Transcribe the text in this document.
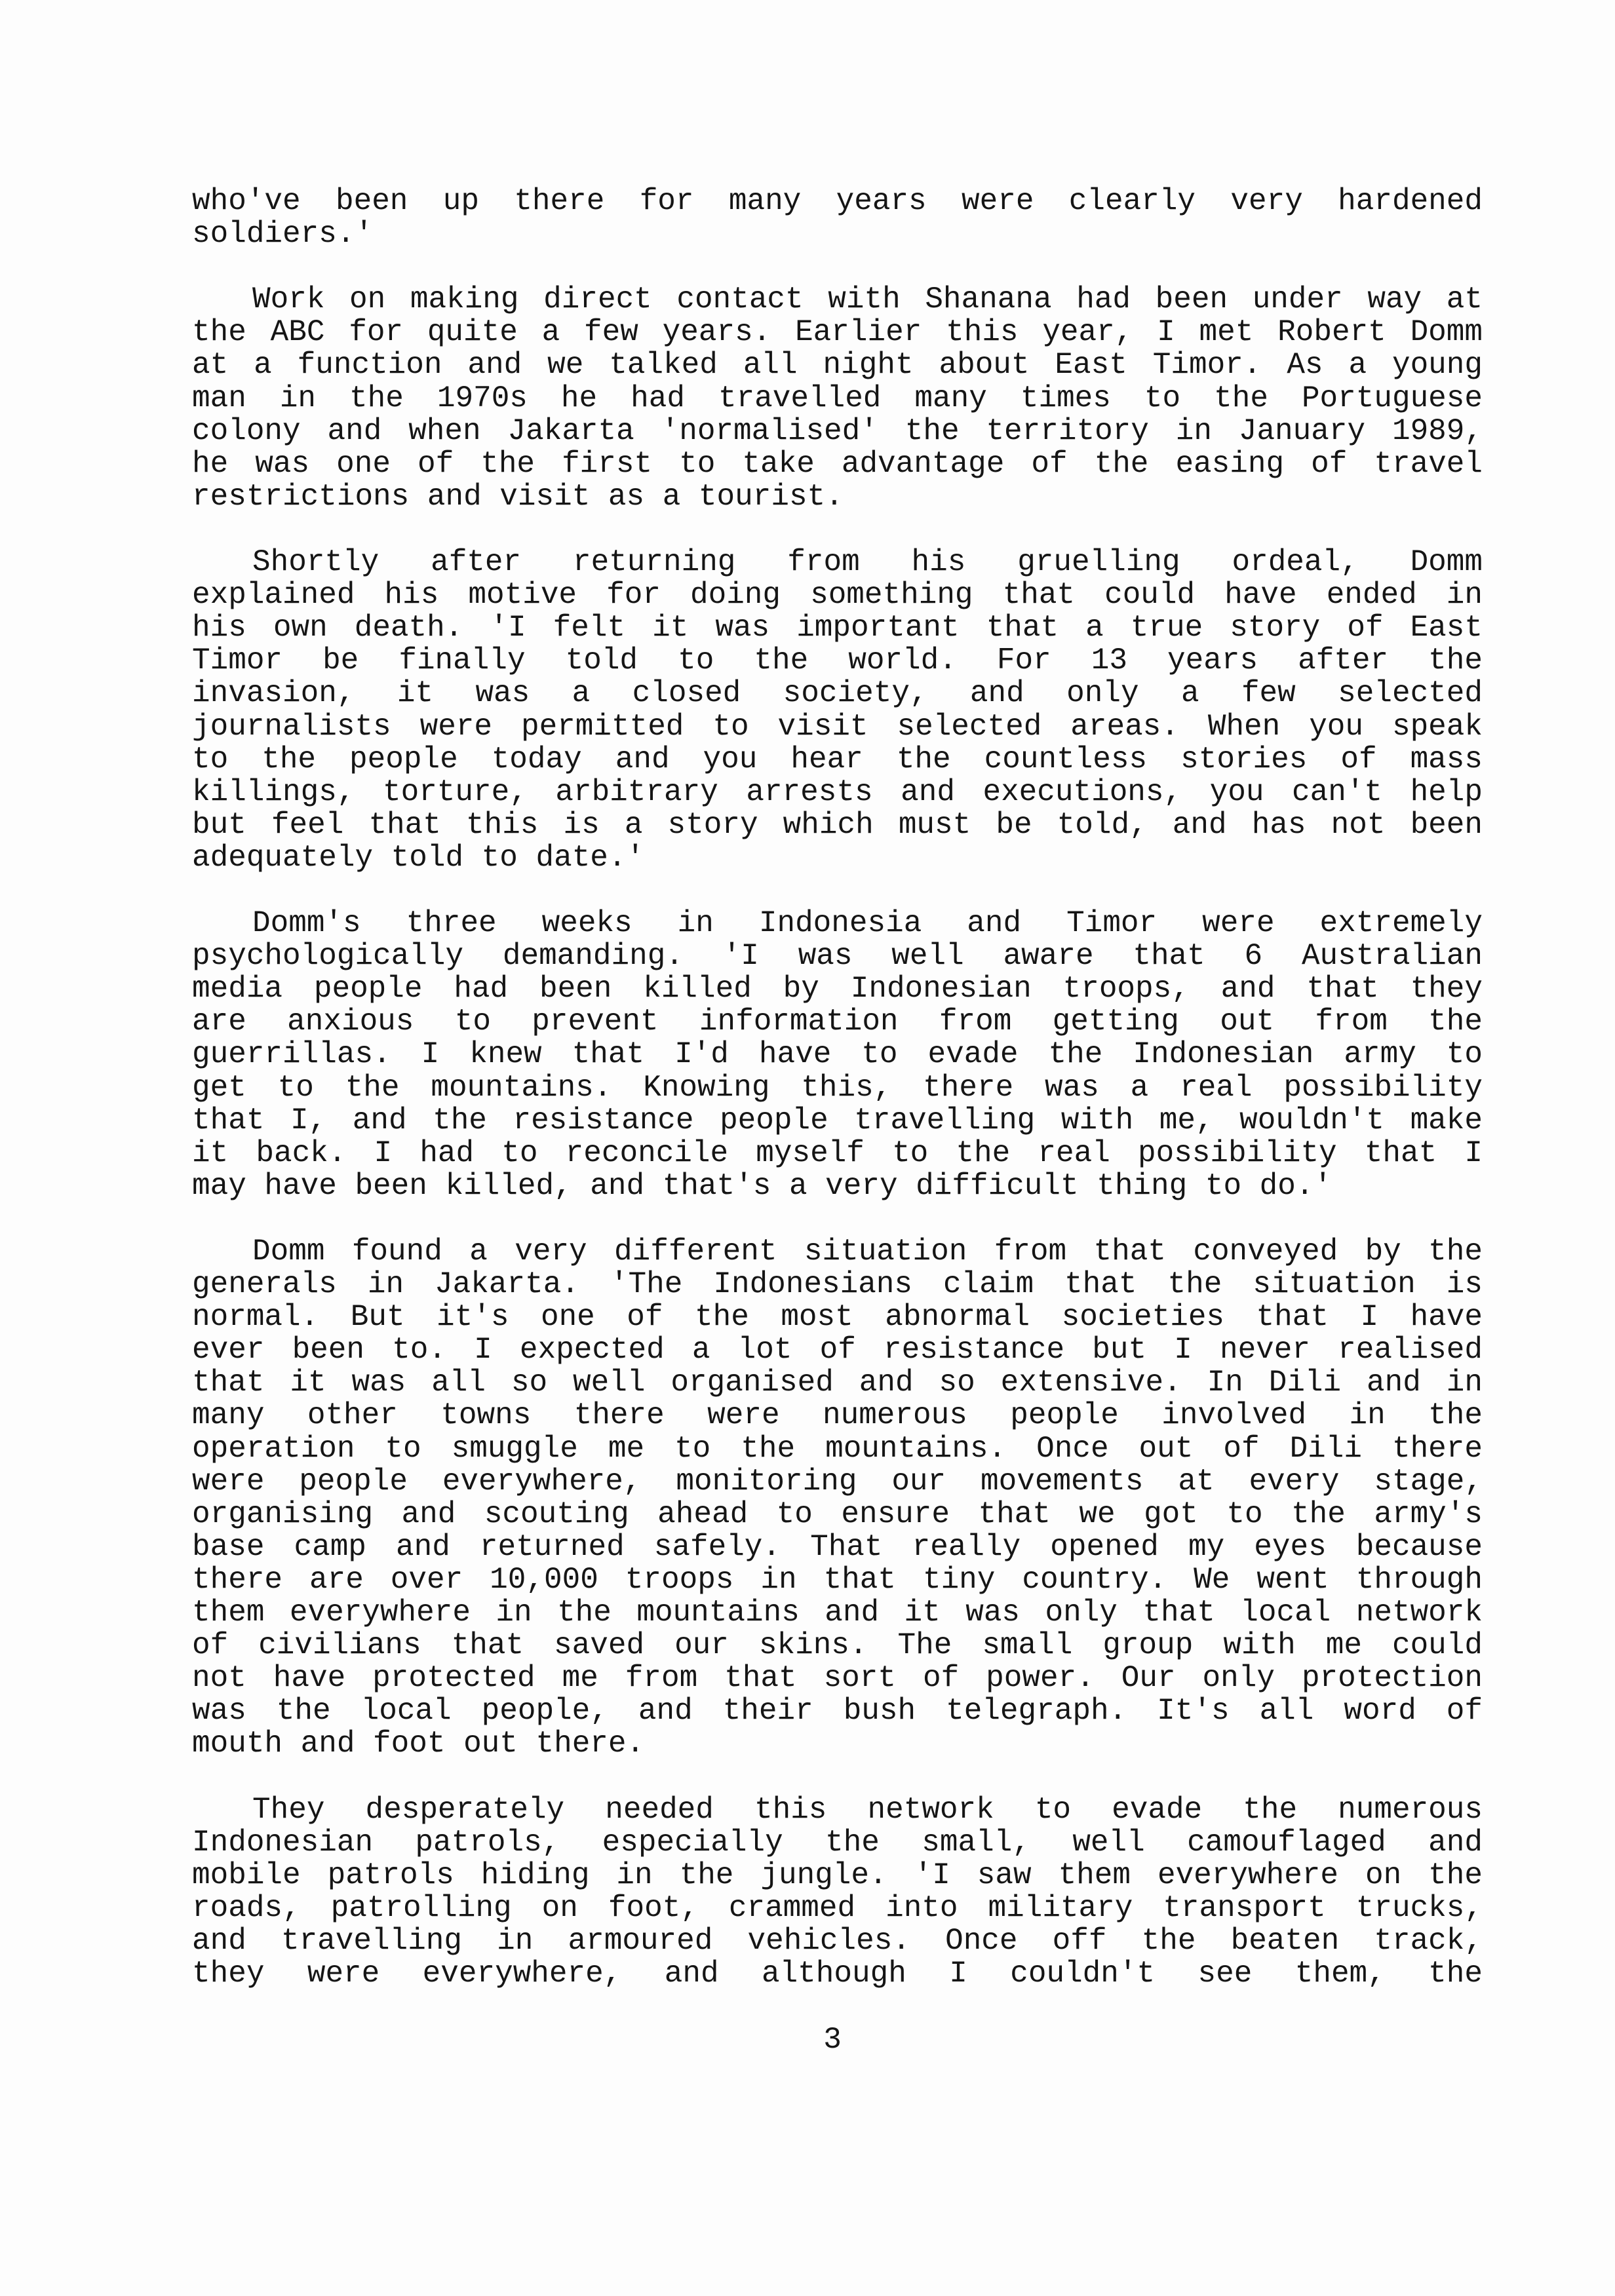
who've been up there for many years were clearly very hardened
soldiers.'
Work on making direct contact with Shanana had been under way at
the ABC for quite a few years. Earlier this year, I met Robert Domm
at a function and we talked all night about East Timor. As a young
man in the 1970s he had travelled many times to the Portuguese
colony and when Jakarta 'normalised' the territory in January 1989,
he was one of the first to take advantage of the easing of travel
restrictions and visit as a tourist.
Shortly after returning from his gruelling ordeal, Domm
explained his motive for doing something that could have ended in
his own death. 'I felt it was important that a true story of East
Timor be finally told to the world. For 13 years after the
invasion, it was a closed society, and only a few selected
journalists were permitted to visit selected areas. When you speak
to the people today and you hear the countless stories of mass
killings, torture, arbitrary arrests and executions, you can't help
but feel that this is a story which must be told, and has not been
adequately told to date.'
Domm's three weeks in Indonesia and Timor were extremely
psychologically demanding. 'I was well aware that 6 Australian
media people had been killed by Indonesian troops, and that they
are anxious to prevent information from getting out from the
guerrillas. I knew that I'd have to evade the Indonesian army to
get to the mountains. Knowing this, there was a real possibility
that I, and the resistance people travelling with me, wouldn't make
it back. I had to reconcile myself to the real possibility that I
may have been killed, and that's a very difficult thing to do.'
Domm found a very different situation from that conveyed by the
generals in Jakarta. 'The Indonesians claim that the situation is
normal. But it's one of the most abnormal societies that I have
ever been to. I expected a lot of resistance but I never realised
that it was all so well organised and so extensive. In Dili and in
many other towns there were numerous people involved in the
operation to smuggle me to the mountains. Once out of Dili there
were people everywhere, monitoring our movements at every stage,
organising and scouting ahead to ensure that we got to the army's
base camp and returned safely. That really opened my eyes because
there are over 10,000 troops in that tiny country. We went through
them everywhere in the mountains and it was only that local network
of civilians that saved our skins. The small group with me could
not have protected me from that sort of power. Our only protection
was the local people, and their bush telegraph. It's all word of
mouth and foot out there.
They desperately needed this network to evade the numerous
Indonesian patrols, especially the small, well camouflaged and
mobile patrols hiding in the jungle. 'I saw them everywhere on the
roads, patrolling on foot, crammed into military transport trucks,
and travelling in armoured vehicles. Once off the beaten track,
they were everywhere, and although I couldn't see them, the
3
